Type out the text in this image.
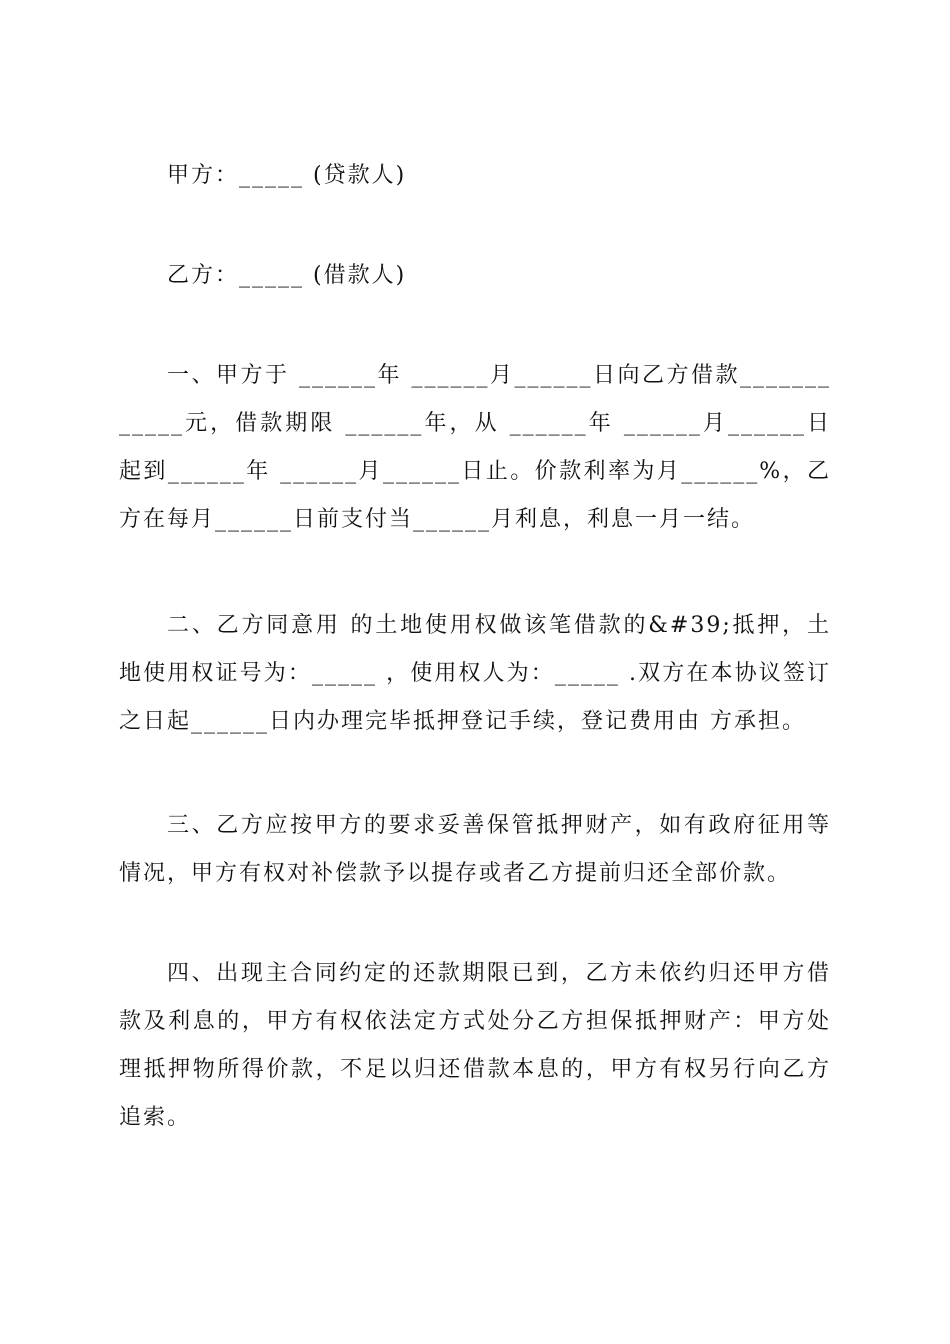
甲方：_____ (贷款人)

乙方：_____ (借款人)

一、甲方于 ______年 ______月______日向乙方借款____________元，借款期限 ______年，从 ______年 ______月______日起到______年 ______月______日止。价款利率为月______%，乙方在每月______日前支付当______月利息，利息一月一结。

二、乙方同意用 的土地使用权做该笔借款的&#39;抵押，土地使用权证号为：_____ ，使用权人为：_____ .双方在本协议签订之日起______日内办理完毕抵押登记手续，登记费用由 方承担。

三、乙方应按甲方的要求妥善保管抵押财产，如有政府征用等情况，甲方有权对补偿款予以提存或者乙方提前归还全部价款。

四、出现主合同约定的还款期限已到，乙方未依约归还甲方借款及利息的，甲方有权依法定方式处分乙方担保抵押财产：甲方处理抵押物所得价款，不足以归还借款本息的，甲方有权另行向乙方追索。
